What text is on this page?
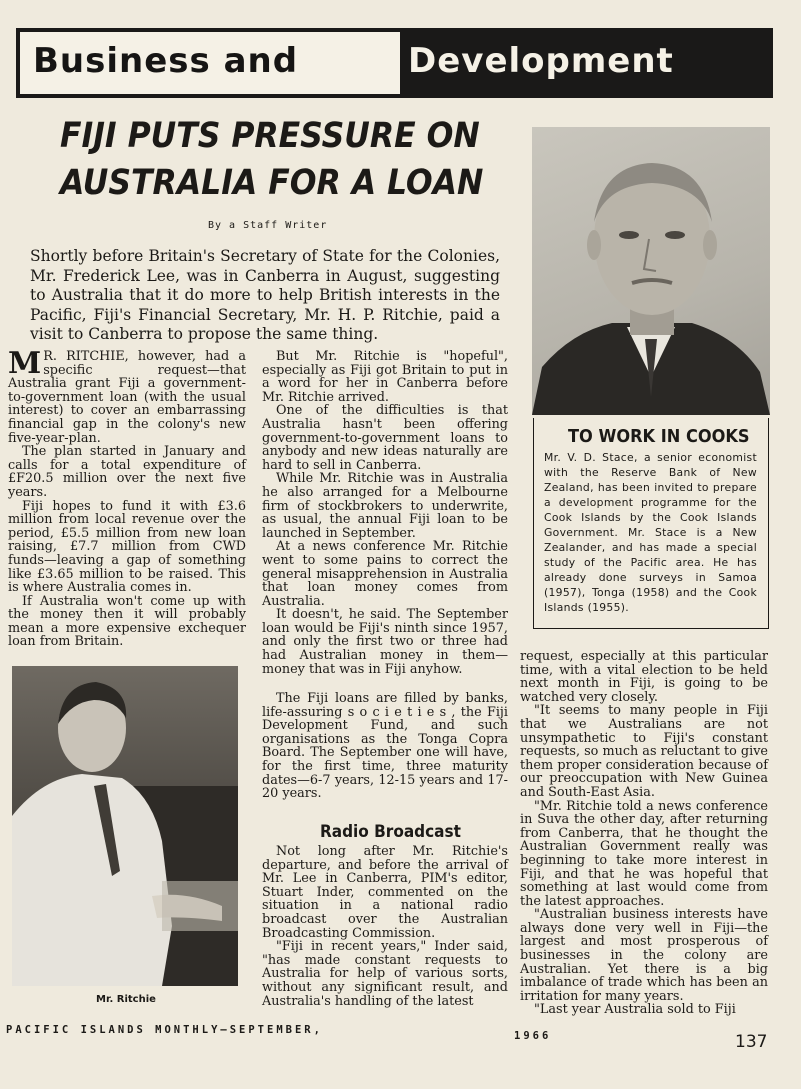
Business and	Development
FIJI PUTS PRESSURE ON AUSTRALIA FOR A LOAN
By a Staff Writer
Shortly before Britain's Secretary of State for the Colonies, Mr. Frederick Lee, was in Canberra in August, suggesting to Australia that it do more to help British interests in the Pacific, Fiji's Financial Secretary, Mr. H. P. Ritchie, paid a visit to Canberra to propose the same thing.

M R. RITCHIE, however, had a specific request—that Australia grant Fiji a government-to-government loan (with the usual interest) to cover an embarrassing financial gap in the colony's new five-year-plan.

The plan started in January and calls for a total expenditure of £F20.5 million over the next five years.

Fiji hopes to fund it with £3.6 million from local revenue over the period, £5.5 million from new loan raising, £7.7 million from CWD funds—leaving a gap of something like £3.65 million to be raised. This is where Australia comes in.

If Australia won't come up with the money then it will probably mean a more expensive exchequer loan from Britain.

But Mr. Ritchie is "hopeful", especially as Fiji got Britain to put in a word for her in Canberra before Mr. Ritchie arrived.

One of the difficulties is that Australia hasn't been offering government-to-government loans to anybody and new ideas naturally are hard to sell in Canberra.

While Mr. Ritchie was in Australia he also arranged for a Melbourne firm of stockbrokers to underwrite, as usual, the annual Fiji loan to be launched in September.

At a news conference Mr. Ritchie went to some pains to correct the general misapprehension in Australia that loan money comes from Australia.

It doesn't, he said. The September loan would be Fiji's ninth since 1957, and only the first two or three had had Australian money in them—money that was in Fiji anyhow.

The Fiji loans are filled by banks, life-assuring s o c i e t i e s , the Fiji Development Fund, and such organisations as the Tonga Copra Board. The September one will have, for the first time, three maturity dates—6-7 years, 12-15 years and 17-20 years.

Radio Broadcast

Not long after Mr. Ritchie's departure, and before the arrival of Mr. Lee in Canberra, PIM's editor, Stuart Inder, commented on the situation in a national radio broadcast over the Australian Broadcasting Commission.

"Fiji in recent years," Inder said, "has made constant requests to Australia for help of various sorts, without any significant result, and Australia's handling of the latest

request, especially at this particular time, with a vital election to be held next month in Fiji, is going to be watched very closely.

"It seems to many people in Fiji that we Australians are not unsympathetic to Fiji's constant requests, so much as reluctant to give them proper consideration because of our preoccupation with New Guinea and South-East Asia.

"Mr. Ritchie told a news conference in Suva the other day, after returning from Canberra, that he thought the Australian Government really was beginning to take more interest in Fiji, and that he was hopeful that something at last would come from the latest approaches.

"Australian business interests have always done very well in Fiji—the largest and most prosperous of businesses in the colony are Australian. Yet there is a big imbalance of trade which has been an irritation for many years.

"Last year Australia sold to Fiji

TO WORK IN COOKS
Mr. V. D. Stace, a senior economist with the Reserve Bank of New Zealand, has been invited to prepare a development programme for the Cook Islands by the Cook Islands Government. Mr. Stace is a New Zealander, and has made a special study of the Pacific area. He has already done surveys in Samoa (1957), Tonga (1958) and the Cook Islands (1955).
Mr. Ritchie
PACIFIC ISLANDS MONTHLY—SEPTEMBER,	1966	137
